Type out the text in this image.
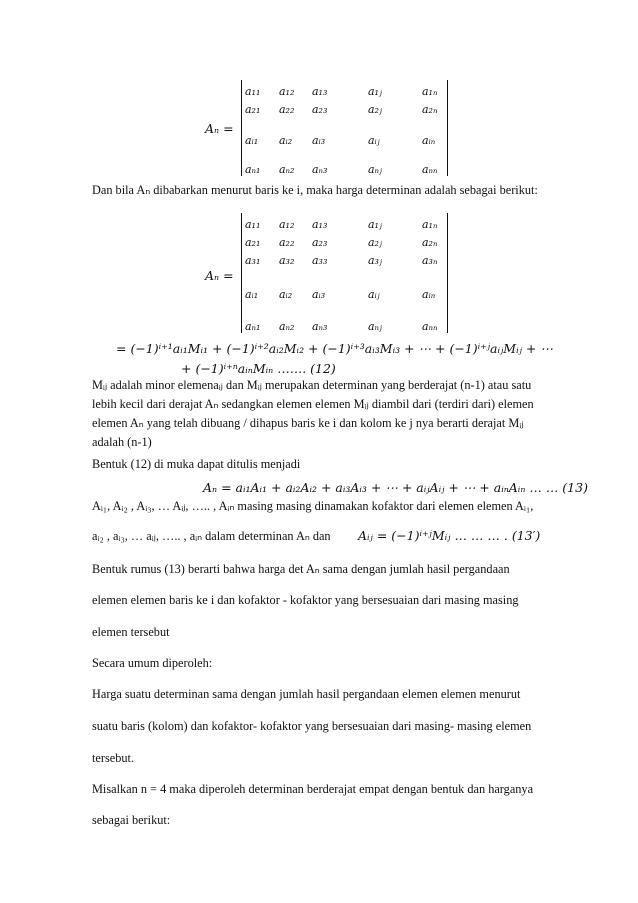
Aₙ =
a₁₁ a₁₂ a₁₃	a₁ⱼ	a₁ₙ
a₂₁ a₂₂ a₂₃	a₂ⱼ	a₂ₙ
aᵢ₁ aᵢ₂ aᵢ₃	aᵢⱼ	aᵢₙ
aₙ₁ aₙ₂ aₙ₃	aₙⱼ	aₙₙ
Dan bila Aₙ dibabarkan menurut baris ke i, maka harga determinan adalah sebagai berikut:
Aₙ =
a₁₁ a₁₂ a₁₃	a₁ⱼ	a₁ₙ
a₂₁ a₂₂ a₂₃	a₂ⱼ	a₂ₙ
a₃₁ a₃₂ a₃₃	a₃ⱼ	a₃ₙ
aᵢ₁ aᵢ₂ aᵢ₃	aᵢⱼ	aᵢₙ
aₙ₁ aₙ₂ aₙ₃	aₙⱼ	aₙₙ
= (−1)ⁱ⁺¹aᵢ₁Mᵢ₁ + (−1)ⁱ⁺²aᵢ₂Mᵢ₂ + (−1)ⁱ⁺³aᵢ₃Mᵢ₃ + ⋯ + (−1)ⁱ⁺ʲaᵢⱼMᵢⱼ + ⋯
+ (−1)ⁱ⁺ⁿaᵢₙMᵢₙ ……. (12)
Mᵢⱼ adalah minor elemenaᵢⱼ dan Mᵢⱼ merupakan determinan yang berderajat (n-1) atau satu
lebih kecil dari derajat Aₙ sedangkan elemen elemen Mᵢⱼ diambil dari (terdiri dari) elemen
elemen Aₙ yang telah dibuang / dihapus baris ke i dan kolom ke j nya berarti derajat Mᵢⱼ
adalah (n-1)
Bentuk (12) di muka dapat ditulis menjadi
Aₙ = aᵢ₁Aᵢ₁ + aᵢ₂Aᵢ₂ + aᵢ₃Aᵢ₃ + ⋯ + aᵢⱼAᵢⱼ + ⋯ + aᵢₙAᵢₙ … … (13)
Aᵢ₁, Aᵢ₂ , Aᵢ₃, … Aᵢⱼ, ….. , Aᵢₙ masing masing dinamakan kofaktor dari elemen elemen Aᵢ₁,
aᵢ₂ , aᵢ₃, … aᵢⱼ, ….. , aᵢₙ dalam determinan Aₙ dan Aᵢⱼ = (−1)ⁱ⁺ʲMᵢⱼ … … … . (13′)
Bentuk rumus (13) berarti bahwa harga det Aₙ sama dengan jumlah hasil pergandaan
elemen elemen baris ke i dan kofaktor - kofaktor yang bersesuaian dari masing masing
elemen tersebut
Secara umum diperoleh:
Harga suatu determinan sama dengan jumlah hasil pergandaan elemen elemen menurut
suatu baris (kolom) dan kofaktor- kofaktor yang bersesuaian dari masing- masing elemen
tersebut.
Misalkan n = 4 maka diperoleh determinan berderajat empat dengan bentuk dan harganya
sebagai berikut:
